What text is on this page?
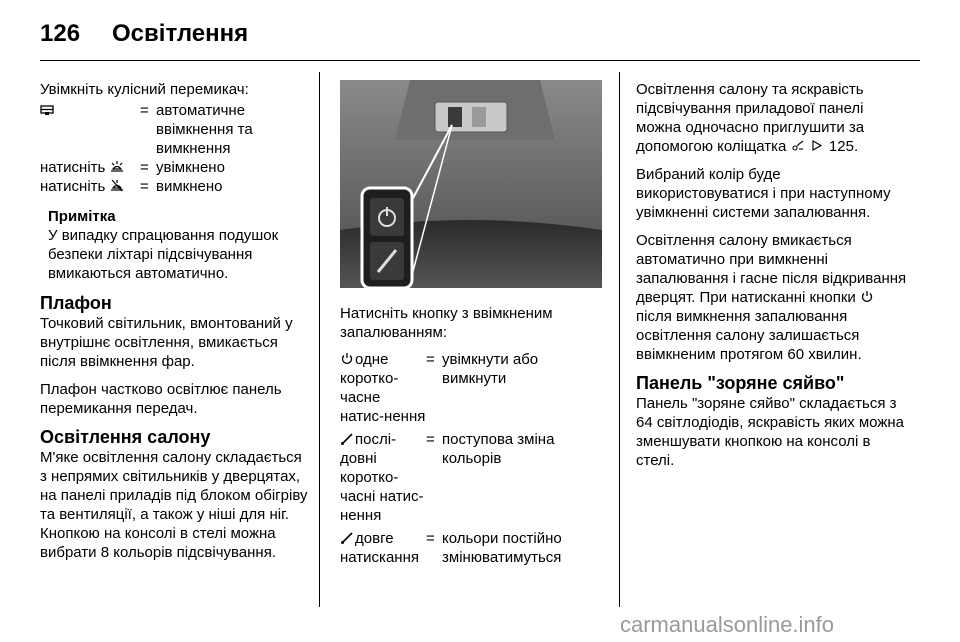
126 Освітлення
Увімкніть кулісний перемикач:
= автоматичне ввімкнення та вимкнення
натисніть	= увімкнено
натисніть	= вимкнено
Примітка
У випадку спрацювання подушок безпеки ліхтарі підсвічування вмикаються автоматично.
Плафон

Точковий світильник, вмонтований у внутрішнє освітлення, вмикається після ввімкнення фар.

Плафон частково освітлює панель перемикання передач.

Освітлення салону

М'яке освітлення салону складається з непрямих світильників у дверцятах, на панелі приладів під блоком обігріву та вентиляції, а також у ніші для ніг. Кнопкою на консолі в стелі можна вибрати 8 кольорів підсвічування.

Натисніть кнопку з ввімкненим запалюванням:
одне коротко-часне натис-нення
= увімкнути або вимкнути
послі-довні коротко-часні натис-нення
= поступова зміна кольорів
довге натискання
= кольори постійно змінюватимуться

Освітлення салону та яскравість підсвічування приладової панелі можна одночасно приглушити за допомогою коліщатка
	125.

Вибраний колір буде використовуватися і при наступному увімкненні системи запалювання.

Освітлення салону вмикається автоматично при вимкненні запалювання і гасне після відкривання дверцят. При натисканні кнопки
після вимкнення запалювання освітлення салону залишається ввімкненим протягом 60 хвилин.

Панель "зоряне сяйво"

Панель "зоряне сяйво" складається з 64 світлодіодів, яскравість яких можна зменшувати кнопкою на консолі в стелі.

carmanualsonline.info
